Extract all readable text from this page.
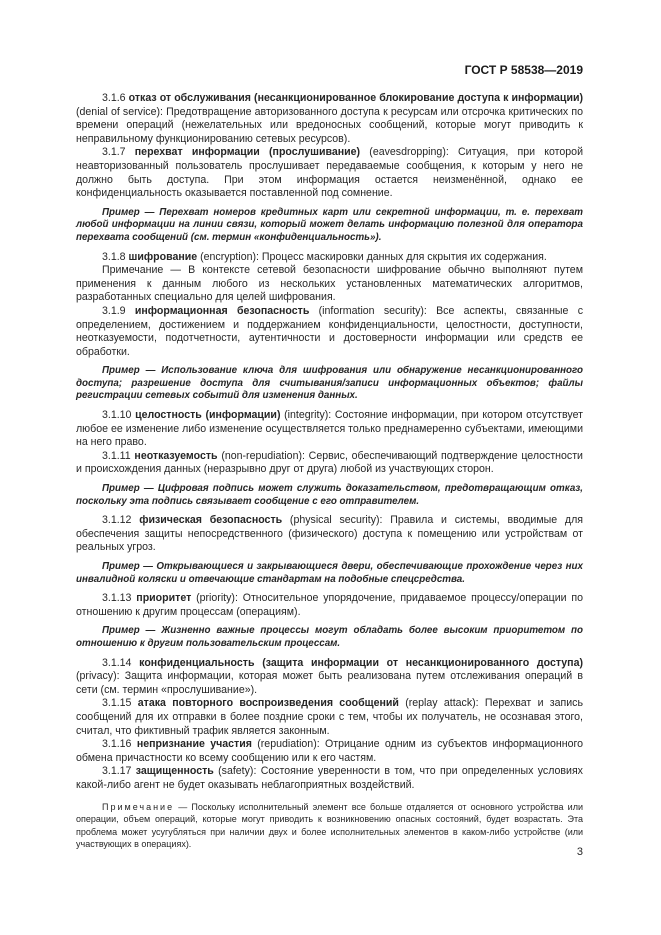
ГОСТ Р 58538—2019

3.1.6 отказ от обслуживания (несанкционированное блокирование доступа к информации) (denial of service): Предотвращение авторизованного доступа к ресурсам или отсрочка критических по времени операций (нежелательных или вредоносных сообщений, которые могут приводить к неправильному функционированию сетевых ресурсов).

3.1.7 перехват информации (прослушивание) (eavesdropping): Ситуация, при которой неавторизованный пользователь прослушивает передаваемые сообщения, к которым у него не должно быть доступа. При этом информация остается неизменённой, однако ее конфиденциальность оказывается поставленной под сомнение.

Пример — Перехват номеров кредитных карт или секретной информации, т. е. перехват любой информации на линии связи, который может делать информацию полезной для оператора перехвата сообщений (см. термин «конфиденциальность»).

3.1.8 шифрование (encryption): Процесс маскировки данных для скрытия их содержания.

Примечание — В контексте сетевой безопасности шифрование обычно выполняют путем применения к данным любого из нескольких установленных математических алгоритмов, разработанных специально для целей шифрования.

3.1.9 информационная безопасность (information security): Все аспекты, связанные с определением, достижением и поддержанием конфиденциальности, целостности, доступности, неотказуемости, подотчетности, аутентичности и достоверности информации или средств ее обработки.

Пример — Использование ключа для шифрования или обнаружение несанкционированного доступа; разрешение доступа для считывания/записи информационных объектов; файлы регистрации сетевых событий для изменения данных.

3.1.10 целостность (информации) (integrity): Состояние информации, при котором отсутствует любое ее изменение либо изменение осуществляется только преднамеренно субъектами, имеющими на него право.

3.1.11 неотказуемость (non-repudiation): Сервис, обеспечивающий подтверждение целостности и происхождения данных (неразрывно друг от друга) любой из участвующих сторон.

Пример — Цифровая подпись может служить доказательством, предотвращающим отказ, поскольку эта подпись связывает сообщение с его отправителем.

3.1.12 физическая безопасность (physical security): Правила и системы, вводимые для обеспечения защиты непосредственного (физического) доступа к помещению или устройствам от реальных угроз.

Пример — Открывающиеся и закрывающиеся двери, обеспечивающие прохождение через них инвалидной коляски и отвечающие стандартам на подобные спецсредства.

3.1.13 приоритет (priority): Относительное упорядочение, придаваемое процессу/операции по отношению к другим процессам (операциям).

Пример — Жизненно важные процессы могут обладать более высоким приоритетом по отношению к другим пользовательским процессам.

3.1.14 конфиденциальность (защита информации от несанкционированного доступа) (privacy): Защита информации, которая может быть реализована путем отслеживания операций в сети (см. термин «прослушивание»).

3.1.15 атака повторного воспроизведения сообщений (replay attack): Перехват и запись сообщений для их отправки в более поздние сроки с тем, чтобы их получатель, не осознавая этого, считал, что фиктивный трафик является законным.

3.1.16 непризнание участия (repudiation): Отрицание одним из субъектов информационного обмена причастности ко всему сообщению или к его частям.

3.1.17 защищенность (safety): Состояние уверенности в том, что при определенных условиях какой-либо агент не будет оказывать неблагоприятных воздействий.

Примечание — Поскольку исполнительный элемент все больше отдаляется от основного устройства или операции, объем операций, которые могут приводить к возникновению опасных состояний, будет возрастать. Эта проблема может усугубляться при наличии двух и более исполнительных элементов в каком-либо устройстве (или участвующих в операциях).

3
